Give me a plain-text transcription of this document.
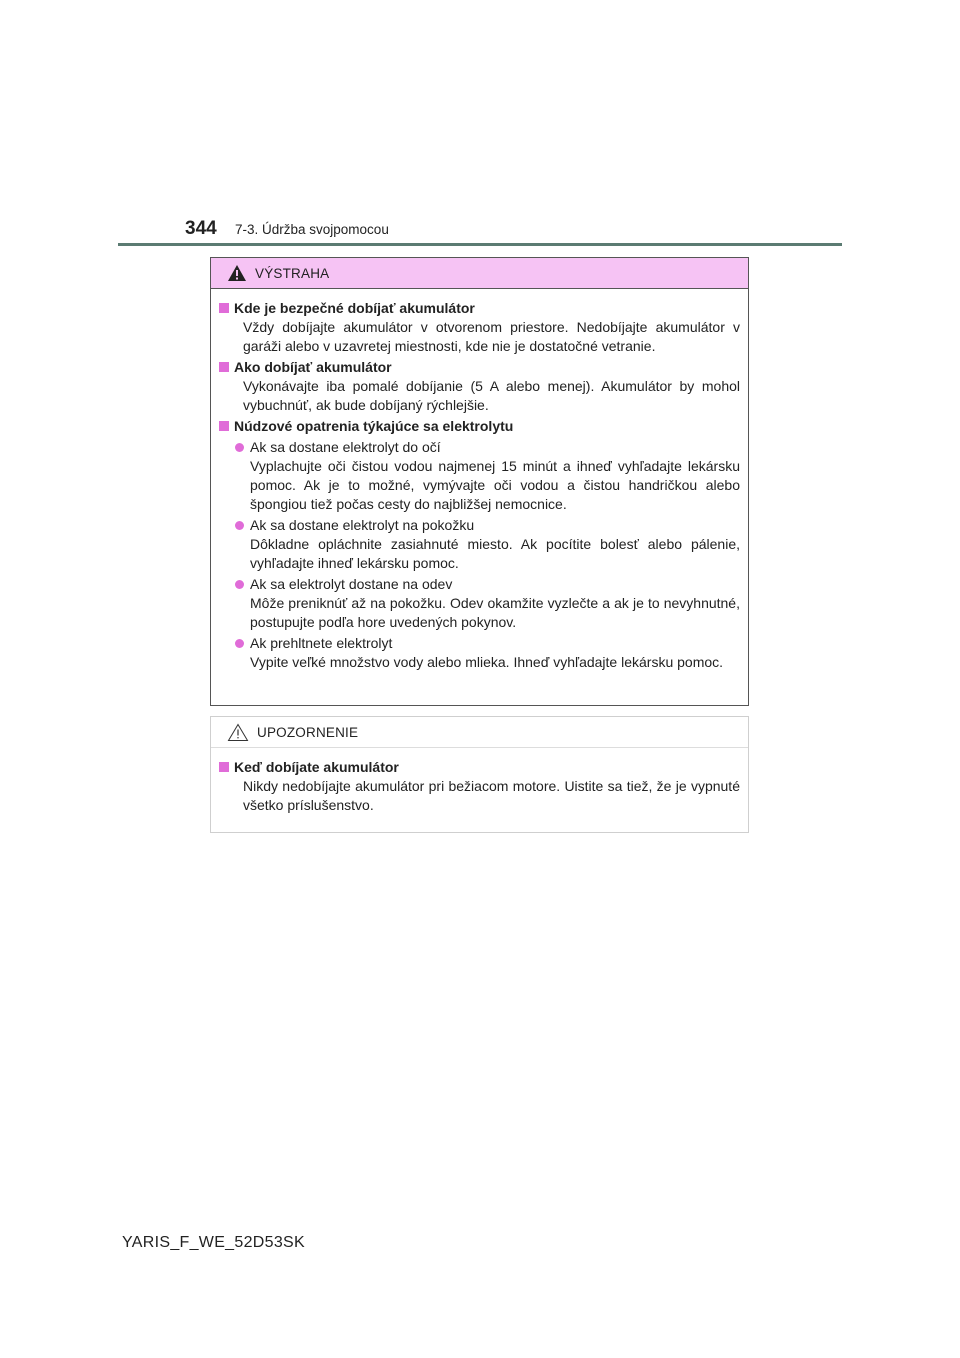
344 7-3. Údržba svojpomocou
VÝSTRAHA
Kde je bezpečné dobíjať akumulátor
Vždy dobíjajte akumulátor v otvorenom priestore. Nedobíjajte akumulátor v garáži alebo v uzavretej miestnosti, kde nie je dostatočné vetranie.
Ako dobíjať akumulátor
Vykonávajte iba pomalé dobíjanie (5 A alebo menej). Akumulátor by mohol vybuchnúť, ak bude dobíjaný rýchlejšie.
Núdzové opatrenia týkajúce sa elektrolytu
Ak sa dostane elektrolyt do očí
Vyplachujte oči čistou vodou najmenej 15 minút a ihneď vyhľadajte lekársku pomoc. Ak je to možné, vymývajte oči vodou a čistou handričkou alebo špongiou tiež počas cesty do najbližšej nemocnice.
Ak sa dostane elektrolyt na pokožku
Dôkladne opláchnite zasiahnuté miesto. Ak pocítite bolesť alebo pálenie, vyhľadajte ihneď lekársku pomoc.
Ak sa elektrolyt dostane na odev
Môže preniknúť až na pokožku. Odev okamžite vyzlečte a ak je to nevyhnutné, postupujte podľa hore uvedených pokynov.
Ak prehltnete elektrolyt
Vypite veľké množstvo vody alebo mlieka. Ihneď vyhľadajte lekársku pomoc.
UPOZORNENIE
Keď dobíjate akumulátor
Nikdy nedobíjajte akumulátor pri bežiacom motore. Uistite sa tiež, že je vypnuté všetko príslušenstvo.
YARIS_F_WE_52D53SK
